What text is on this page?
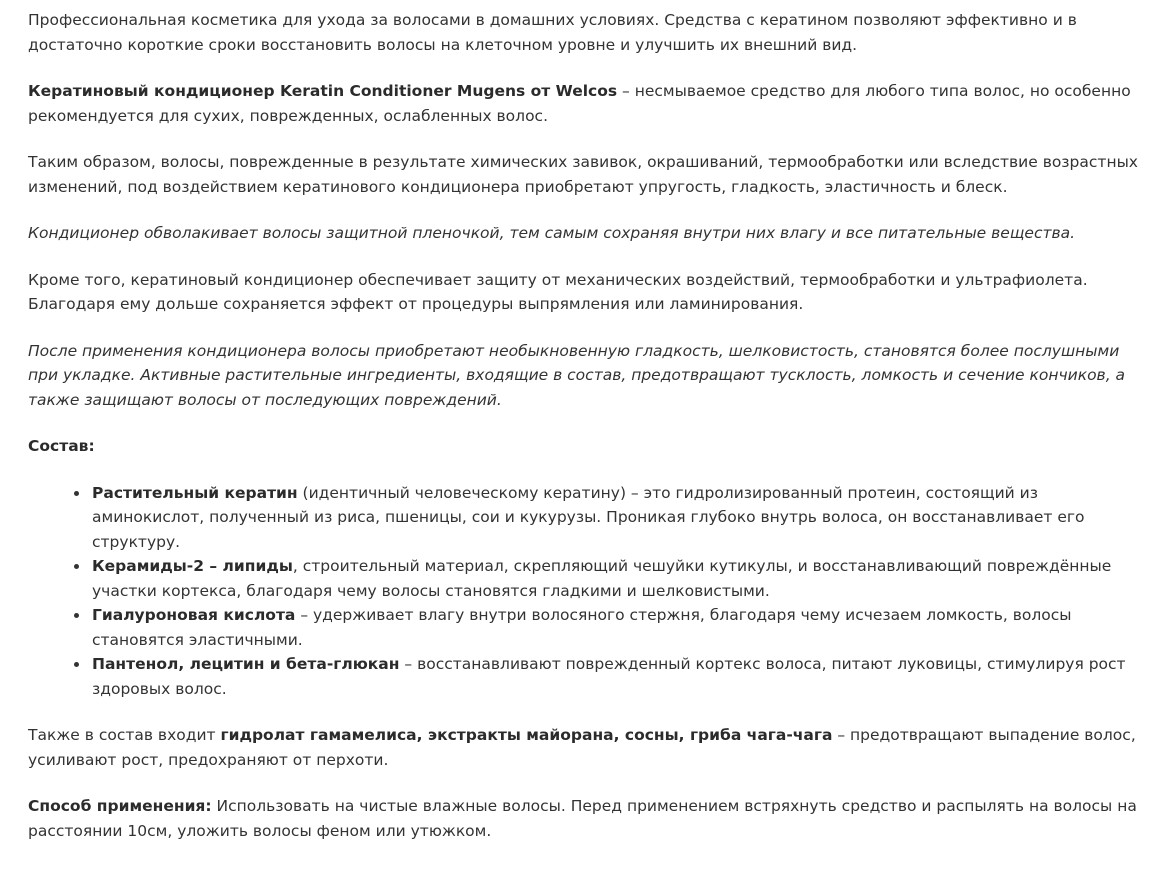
Профессиональная косметика для ухода за волосами в домашних условиях. Средства с кератином позволяют эффективно и в достаточно короткие сроки восстановить волосы на клеточном уровне и улучшить их внешний вид.

Кератиновый кондиционер Keratin Conditioner Mugens от Welcos – несмываемое средство для любого типа волос, но особенно рекомендуется для сухих, поврежденных, ослабленных волос.

Таким образом, волосы, поврежденные в результате химических завивок, окрашиваний, термообработки или вследствие возрастных изменений, под воздействием кератинового кондиционера приобретают упругость, гладкость, эластичность и блеск.

Кондиционер обволакивает волосы защитной пленочкой, тем самым сохраняя внутри них влагу и все питательные вещества.

Кроме того, кератиновый кондиционер обеспечивает защиту от механических воздействий, термообработки и ультрафиолета. Благодаря ему дольше сохраняется эффект от процедуры выпрямления или ламинирования.

После применения кондиционера волосы приобретают необыкновенную гладкость, шелковистость, становятся более послушными при укладке. Активные растительные ингредиенты, входящие в состав, предотвращают тусклость, ломкость и сечение кончиков, а также защищают волосы от последующих повреждений.

Состав:

• Растительный кератин (идентичный человеческому кератину) – это гидролизированный протеин, состоящий из аминокислот, полученный из риса, пшеницы, сои и кукурузы. Проникая глубоко внутрь волоса, он восстанавливает его структуру.
• Керамиды-2 – липиды, строительный материал, скрепляющий чешуйки кутикулы, и восстанавливающий повреждённые участки кортекса, благодаря чему волосы становятся гладкими и шелковистыми.
• Гиалуроновая кислота – удерживает влагу внутри волосяного стержня, благодаря чему исчезаем ломкость, волосы становятся эластичными.
• Пантенол, лецитин и бета-глюкан – восстанавливают поврежденный кортекс волоса, питают луковицы, стимулируя рост здоровых волос.

Также в состав входит гидролат гамамелиса, экстракты майорана, сосны, гриба чага-чага – предотвращают выпадение волос, усиливают рост, предохраняют от перхоти.

Способ применения: Использовать на чистые влажные волосы. Перед применением встряхнуть средство и распылять на волосы на расстоянии 10см, уложить волосы феном или утюжком.
